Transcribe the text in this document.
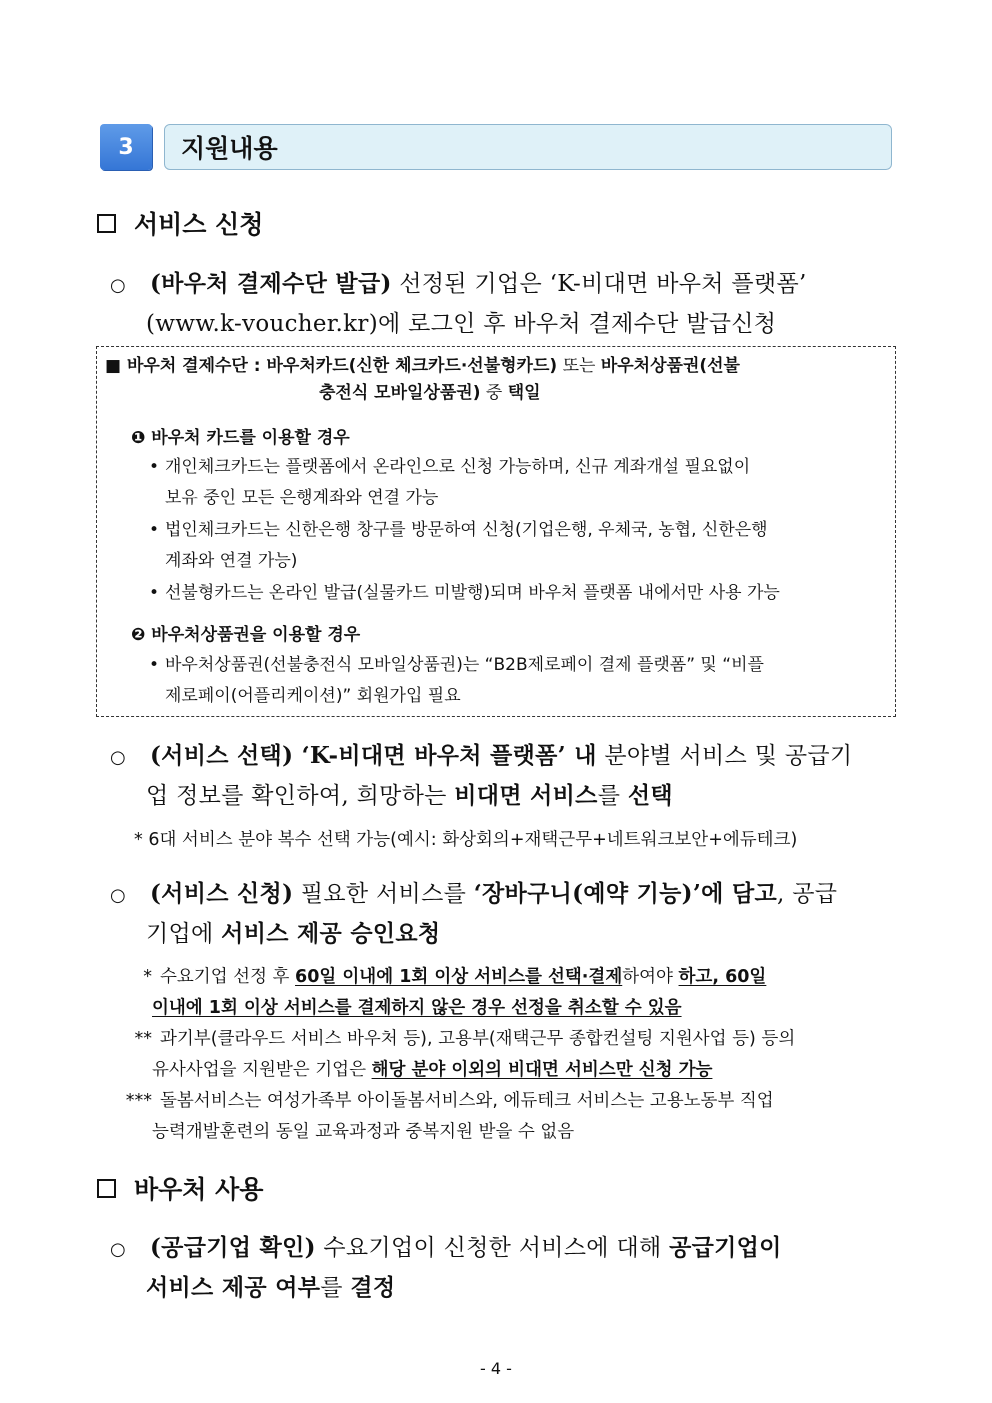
3	지원내용
서비스 신청
○ (바우처 결제수단 발급) 선정된 기업은 ‘K-비대면 바우처 플랫폼’
(www.k-voucher.kr)에 로그인 후 바우처 결제수단 발급신청
■ 바우처 결제수단 : 바우처카드(신한 체크카드·선불형카드) 또는 바우처상품권(선불
충전식 모바일상품권) 중 택일
❶ 바우처 카드를 이용할 경우
• 개인체크카드는 플랫폼에서 온라인으로 신청 가능하며, 신규 계좌개설 필요없이
보유 중인 모든 은행계좌와 연결 가능
• 법인체크카드는 신한은행 창구를 방문하여 신청(기업은행, 우체국, 농협, 신한은행
계좌와 연결 가능)
• 선불형카드는 온라인 발급(실물카드 미발행)되며 바우처 플랫폼 내에서만 사용 가능
❷ 바우처상품권을 이용할 경우
• 바우처상품권(선불충전식 모바일상품권)는 “B2B제로페이 결제 플랫폼” 및 “비플
제로페이(어플리케이션)” 회원가입 필요
○ (서비스 선택) ‘K-비대면 바우처 플랫폼’ 내 분야별 서비스 및 공급기
업 정보를 확인하여, 희망하는 비대면 서비스를 선택
* 6대 서비스 분야 복수 선택 가능(예시: 화상회의+재택근무+네트워크보안+에듀테크)
○ (서비스 신청) 필요한 서비스를 ‘장바구니(예약 기능)’에 담고, 공급
기업에 서비스 제공 승인요청
* 수요기업 선정 후 60일 이내에 1회 이상 서비스를 선택·결제하여야 하고, 60일
이내에 1회 이상 서비스를 결제하지 않은 경우 선정을 취소할 수 있음
** 과기부(클라우드 서비스 바우처 등), 고용부(재택근무 종합컨설팅 지원사업 등) 등의
유사사업을 지원받은 기업은 해당 분야 이외의 비대면 서비스만 신청 가능
*** 돌봄서비스는 여성가족부 아이돌봄서비스와, 에듀테크 서비스는 고용노동부 직업
능력개발훈련의 동일 교육과정과 중복지원 받을 수 없음
바우처 사용
○ (공급기업 확인) 수요기업이 신청한 서비스에 대해 공급기업이
서비스 제공 여부를 결정
- 4 -
